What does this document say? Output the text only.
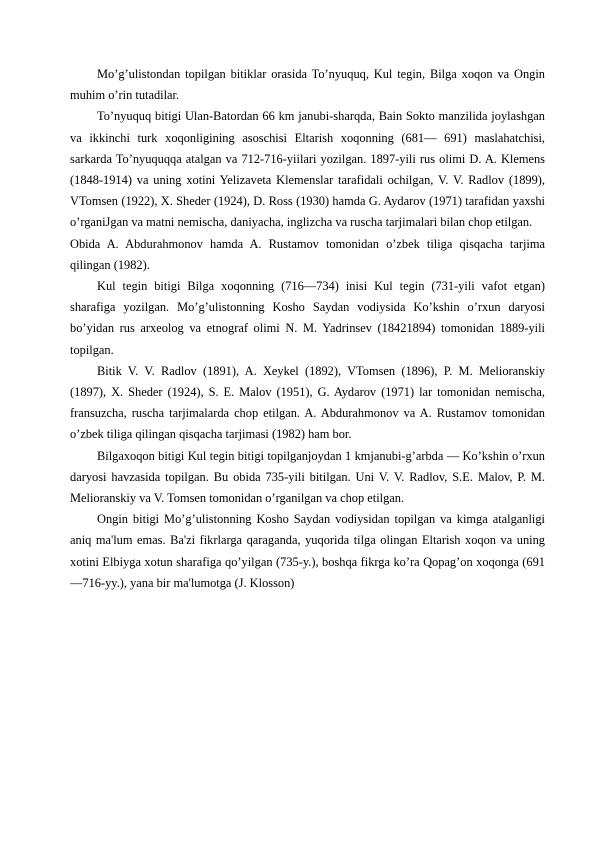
Mo’g’ulistondan topilgan bitiklar orasida To’nyuquq, Kul tegin, Bilga xoqon va Ongin muhim o’rin tutadilar.

To’nyuquq bitigi Ulan-Batordan 66 km janubi-sharqda, Bain Sokto manzilida joylashgan va ikkinchi turk xoqonligining asoschisi Eltarish xoqonning (681— 691) maslahatchisi, sarkarda To’nyuquqqa atalgan va 712-716-yiilari yozilgan. 1897-yili rus olimi D. A. Klemens (1848-1914) va uning xotini Yelizaveta Klemenslar tarafidali ochilgan, V. V. Radlov (1899), VTomsen (1922), X. Sheder (1924), D. Ross (1930) hamda G. Aydarov (1971) tarafidan yaxshi o’rganiJgan va matni nemischa, daniyacha, inglizcha va ruscha tarjimalari bilan chop etilgan.

Obida A. Abdurahmonov hamda A. Rustamov tomonidan o’zbek tiliga qisqacha tarjima qilingan (1982).

Kul tegin bitigi Bilga xoqonning (716—734) inisi Kul tegin (731-yili vafot etgan) sharafiga yozilgan. Mo’g’ulistonning Kosho Saydan vodiysida Ko’kshin o’rxun daryosi bo’yidan rus arxeolog va etnograf olimi N. M. Yadrinsev (18421894) tomonidan 1889-yili topilgan.

Bitik V. V. Radlov (1891), A. Xeykel (1892), VTomsen (1896), P. M. Melioranskiy (1897), X. Sheder (1924), S. E. Malov (1951), G. Aydarov (1971) lar tomonidan nemischa, fransuzcha, ruscha tarjimalarda chop etilgan. A. Abdurahmonov va A. Rustamov tomonidan o’zbek tiliga qilingan qisqacha tarjimasi (1982) ham bor.

Bilgaxoqon bitigi Kul tegin bitigi topilganjoydan 1 kmjanubi-g’arbda — Ko’kshin o’rxun daryosi havzasida topilgan. Bu obida 735-yili bitilgan. Uni V. V. Radlov, S.E. Malov, P. M. Melioranskiy va V. Tomsen tomonidan o’rganilgan va chop etilgan.

Ongin bitigi Mo’g’ulistonning Kosho Saydan vodiysidan topilgan va kimga atalganligi aniq ma'lum emas. Ba'zi fikrlarga qaraganda, yuqorida tilga olingan Eltarish xoqon va uning xotini Elbiyga xotun sharafiga qo’yilgan (735-y.), boshqa fikrga ko’ra Qopag’on xoqonga (691—716-yy.), yana bir ma'lumotga (J. Klosson)
